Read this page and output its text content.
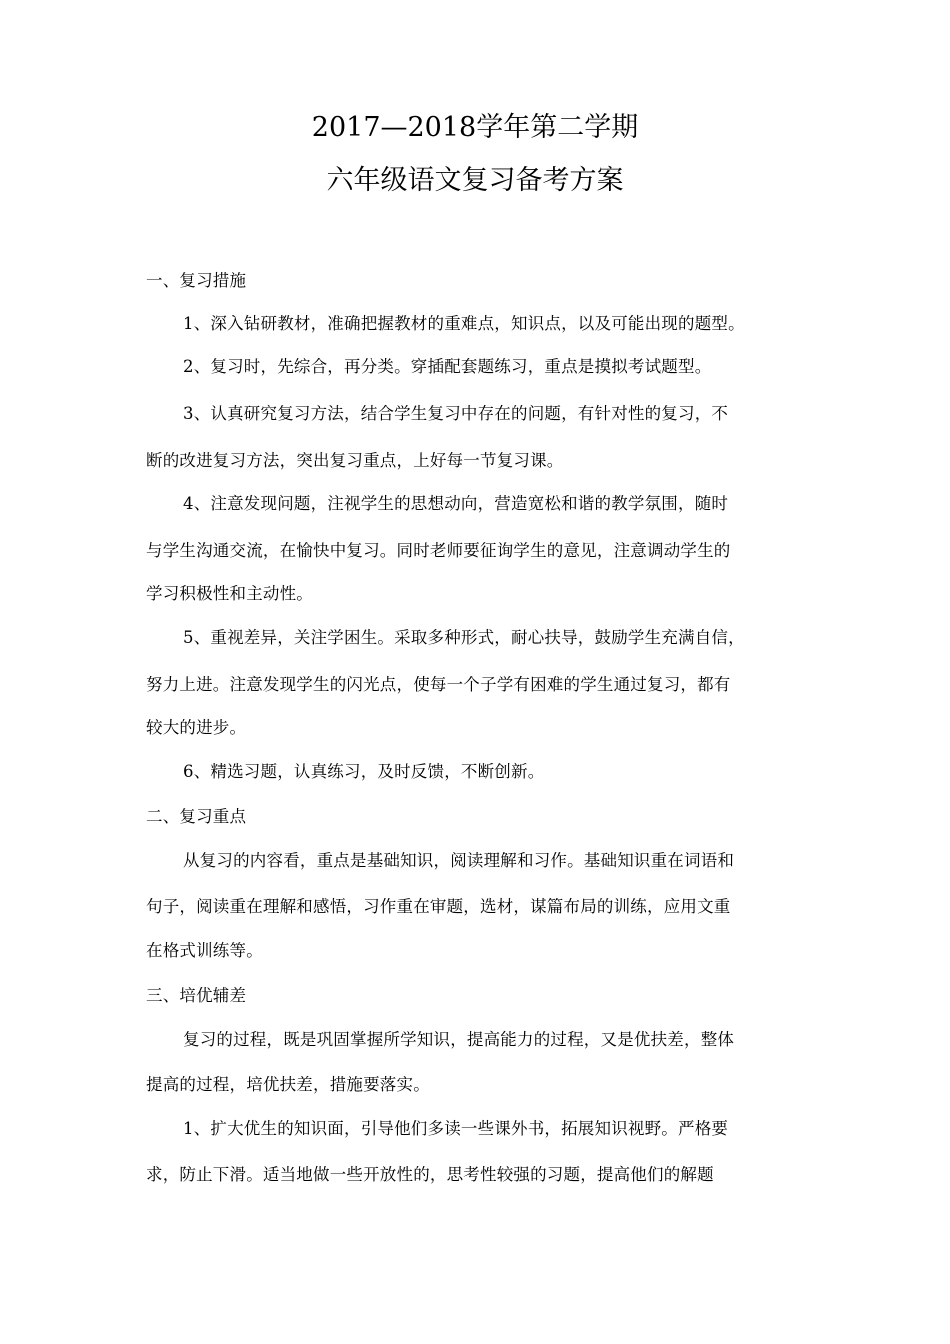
2017—2018学年第二学期
六年级语文复习备考方案
一、复习措施
1、深入钻研教材，准确把握教材的重难点，知识点，以及可能出现的题型。
2、复习时，先综合，再分类。穿插配套题练习，重点是摸拟考试题型。
3、认真研究复习方法，结合学生复习中存在的问题，有针对性的复习，不
断的改进复习方法，突出复习重点，上好每一节复习课。
4、注意发现问题，注视学生的思想动向，营造宽松和谐的教学氛围，随时
与学生沟通交流，在愉快中复习。同时老师要征询学生的意见，注意调动学生的
学习积极性和主动性。
5、重视差异，关注学困生。采取多种形式，耐心扶导，鼓励学生充满自信，
努力上进。注意发现学生的闪光点，使每一个子学有困难的学生通过复习，都有
较大的进步。
6、精选习题，认真练习，及时反馈，不断创新。
二、复习重点
从复习的内容看，重点是基础知识，阅读理解和习作。基础知识重在词语和
句子，阅读重在理解和感悟，习作重在审题，选材，谋篇布局的训练，应用文重
在格式训练等。
三、培优辅差
复习的过程，既是巩固掌握所学知识，提高能力的过程，又是优扶差，整体
提高的过程，培优扶差，措施要落实。
1、扩大优生的知识面，引导他们多读一些课外书，拓展知识视野。严格要
求，防止下滑。适当地做一些开放性的，思考性较强的习题，提高他们的解题
